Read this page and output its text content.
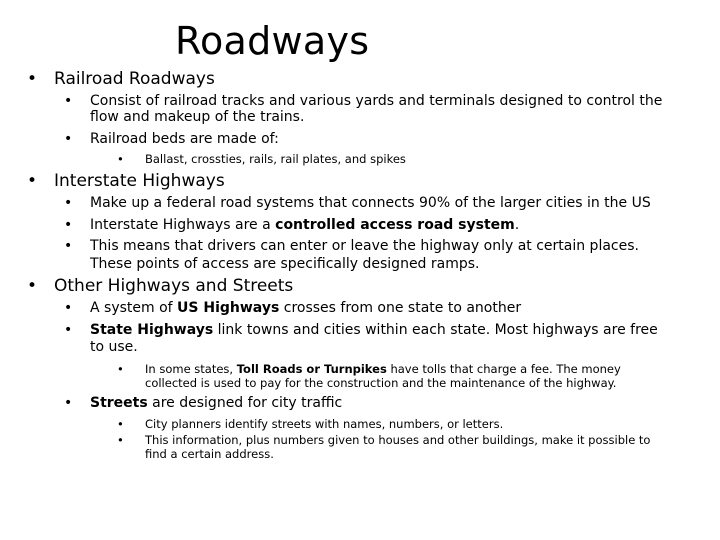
Roadways
• Railroad Roadways
• Consist of railroad tracks and various yards and terminals designed to control the
flow and makeup of the trains.
• Railroad beds are made of:
• Ballast, crossties, rails, rail plates, and spikes
• Interstate Highways
• Make up a federal road systems that connects 90% of the larger cities in the US
• Interstate Highways are a controlled access road system.
• This means that drivers can enter or leave the highway only at certain places.
These points of access are specifically designed ramps.
• Other Highways and Streets
• A system of US Highways crosses from one state to another
• State Highways link towns and cities within each state. Most highways are free
to use.
• In some states, Toll Roads or Turnpikes have tolls that charge a fee. The money
collected is used to pay for the construction and the maintenance of the highway.
• Streets are designed for city traffic
• City planners identify streets with names, numbers, or letters.
• This information, plus numbers given to houses and other buildings, make it possible to
find a certain address.
